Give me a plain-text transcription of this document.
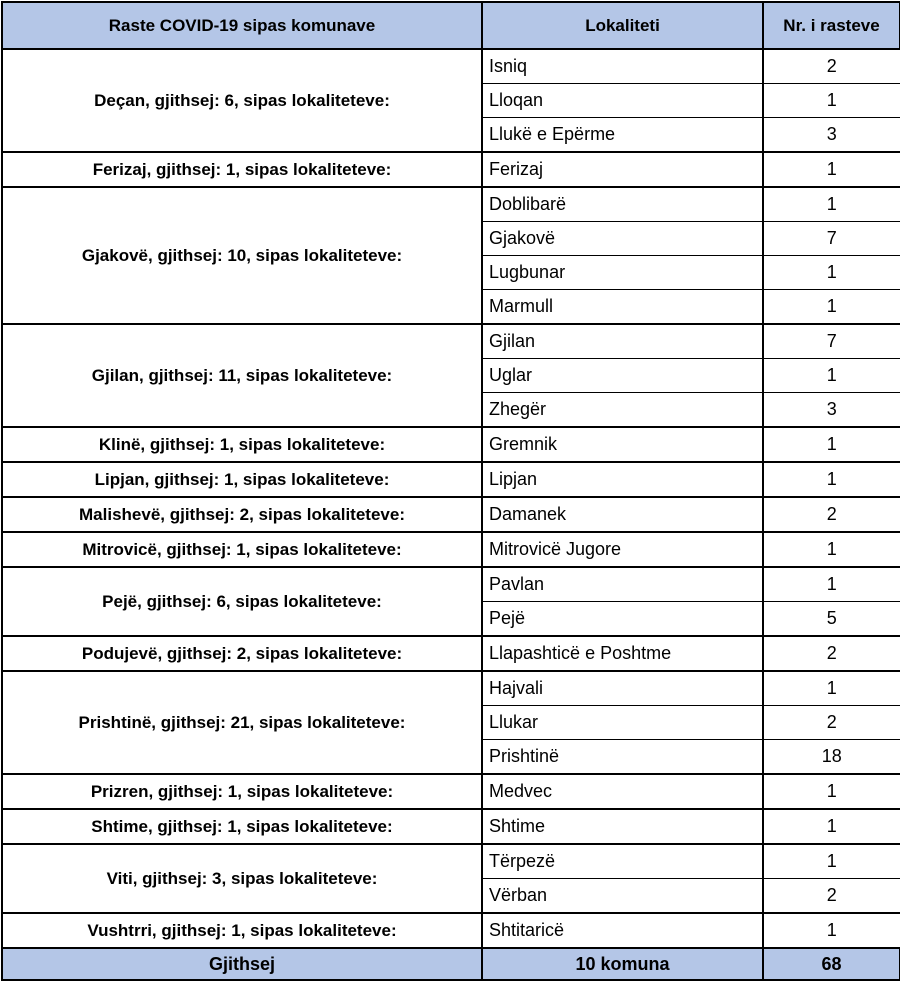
Raste COVID-19 sipas komunave	Lokaliteti	Nr. i rasteve
Deçan, gjithsej: 6, sipas lokaliteteve:	Isniq	2
	Lloqan	1
	Llukë e Epërme	3
Ferizaj, gjithsej: 1, sipas lokaliteteve:	Ferizaj	1
Gjakovë, gjithsej: 10, sipas lokaliteteve:	Doblibarë	1
	Gjakovë	7
	Lugbunar	1
	Marmull	1
Gjilan, gjithsej: 11, sipas lokaliteteve:	Gjilan	7
	Uglar	1
	Zhegër	3
Klinë, gjithsej: 1, sipas lokaliteteve:	Gremnik	1
Lipjan, gjithsej: 1, sipas lokaliteteve:	Lipjan	1
Malishevë, gjithsej: 2, sipas lokaliteteve:	Damanek	2
Mitrovicë, gjithsej: 1, sipas lokaliteteve:	Mitrovicë Jugore	1
Pejë, gjithsej: 6, sipas lokaliteteve:	Pavlan	1
	Pejë	5
Podujevë, gjithsej: 2, sipas lokaliteteve:	Llapashticë e Poshtme	2
Prishtinë, gjithsej: 21, sipas lokaliteteve:	Hajvali	1
	Llukar	2
	Prishtinë	18
Prizren, gjithsej: 1, sipas lokaliteteve:	Medvec	1
Shtime, gjithsej: 1, sipas lokaliteteve:	Shtime	1
Viti, gjithsej: 3, sipas lokaliteteve:	Tërpezë	1
	Vërban	2
Vushtrri, gjithsej: 1, sipas lokaliteteve:	Shtitaricë	1
Gjithsej	10 komuna	68
